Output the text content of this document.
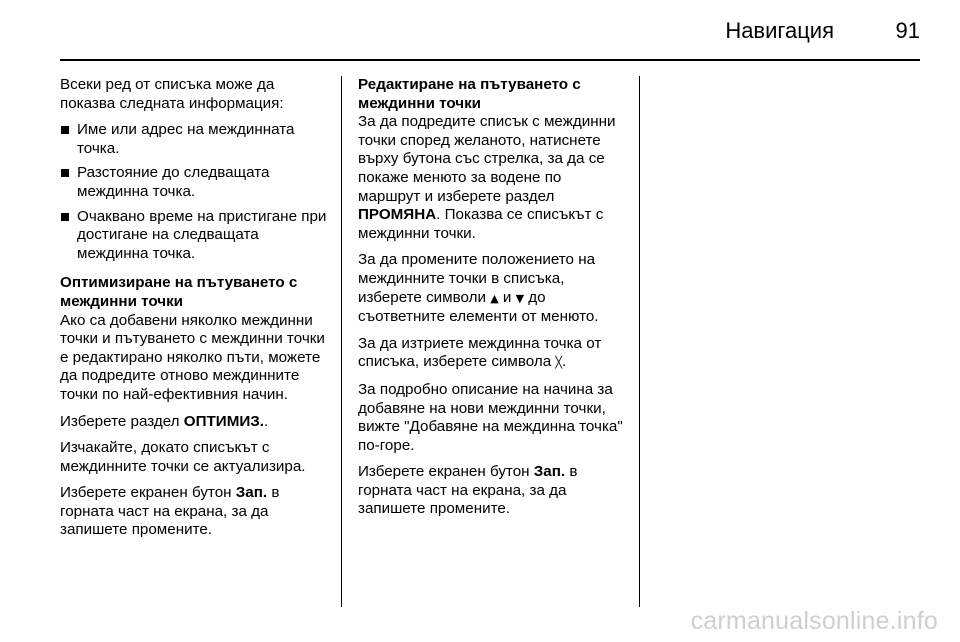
Навигация	91

Всеки ред от списъка може да показва следната информация:

Име или адрес на междинната точка.
Разстояние до следващата междинна точка.
Очаквано време на пристигане при достигане на следващата междинна точка.
Оптимизиране на пътуването с междинни точки

Ако са добавени няколко междинни точки и пътуването с междинни точки е редактирано няколко пъти, можете да подредите отново междинните точки по най-ефективния начин.

Изберете раздел ОПТИМИЗ..

Изчакайте, докато списъкът с междинните точки се актуализира.

Изберете екранен бутон Зап. в горната част на екрана, за да запишете промените.

Редактиране на пътуването с междинни точки

За да подредите списък с междинни точки според желаното, натиснете върху бутона със стрелка, за да се покаже менюто за водене по маршрут и изберете раздел ПРОМЯНА. Показва се списъкът с междинни точки.

За да промените положението на междинните точки в списъка, изберете символи ▲ и ▼ до съответните елементи от менюто.

За да изтриете междинна точка от списъка, изберете символа ╳.

За подробно описание на начина за добавяне на нови междинни точки, вижте "Добавяне на междинна точка" по-горе.

Изберете екранен бутон Зап. в горната част на екрана, за да запишете промените.

carmanualsonline.info
